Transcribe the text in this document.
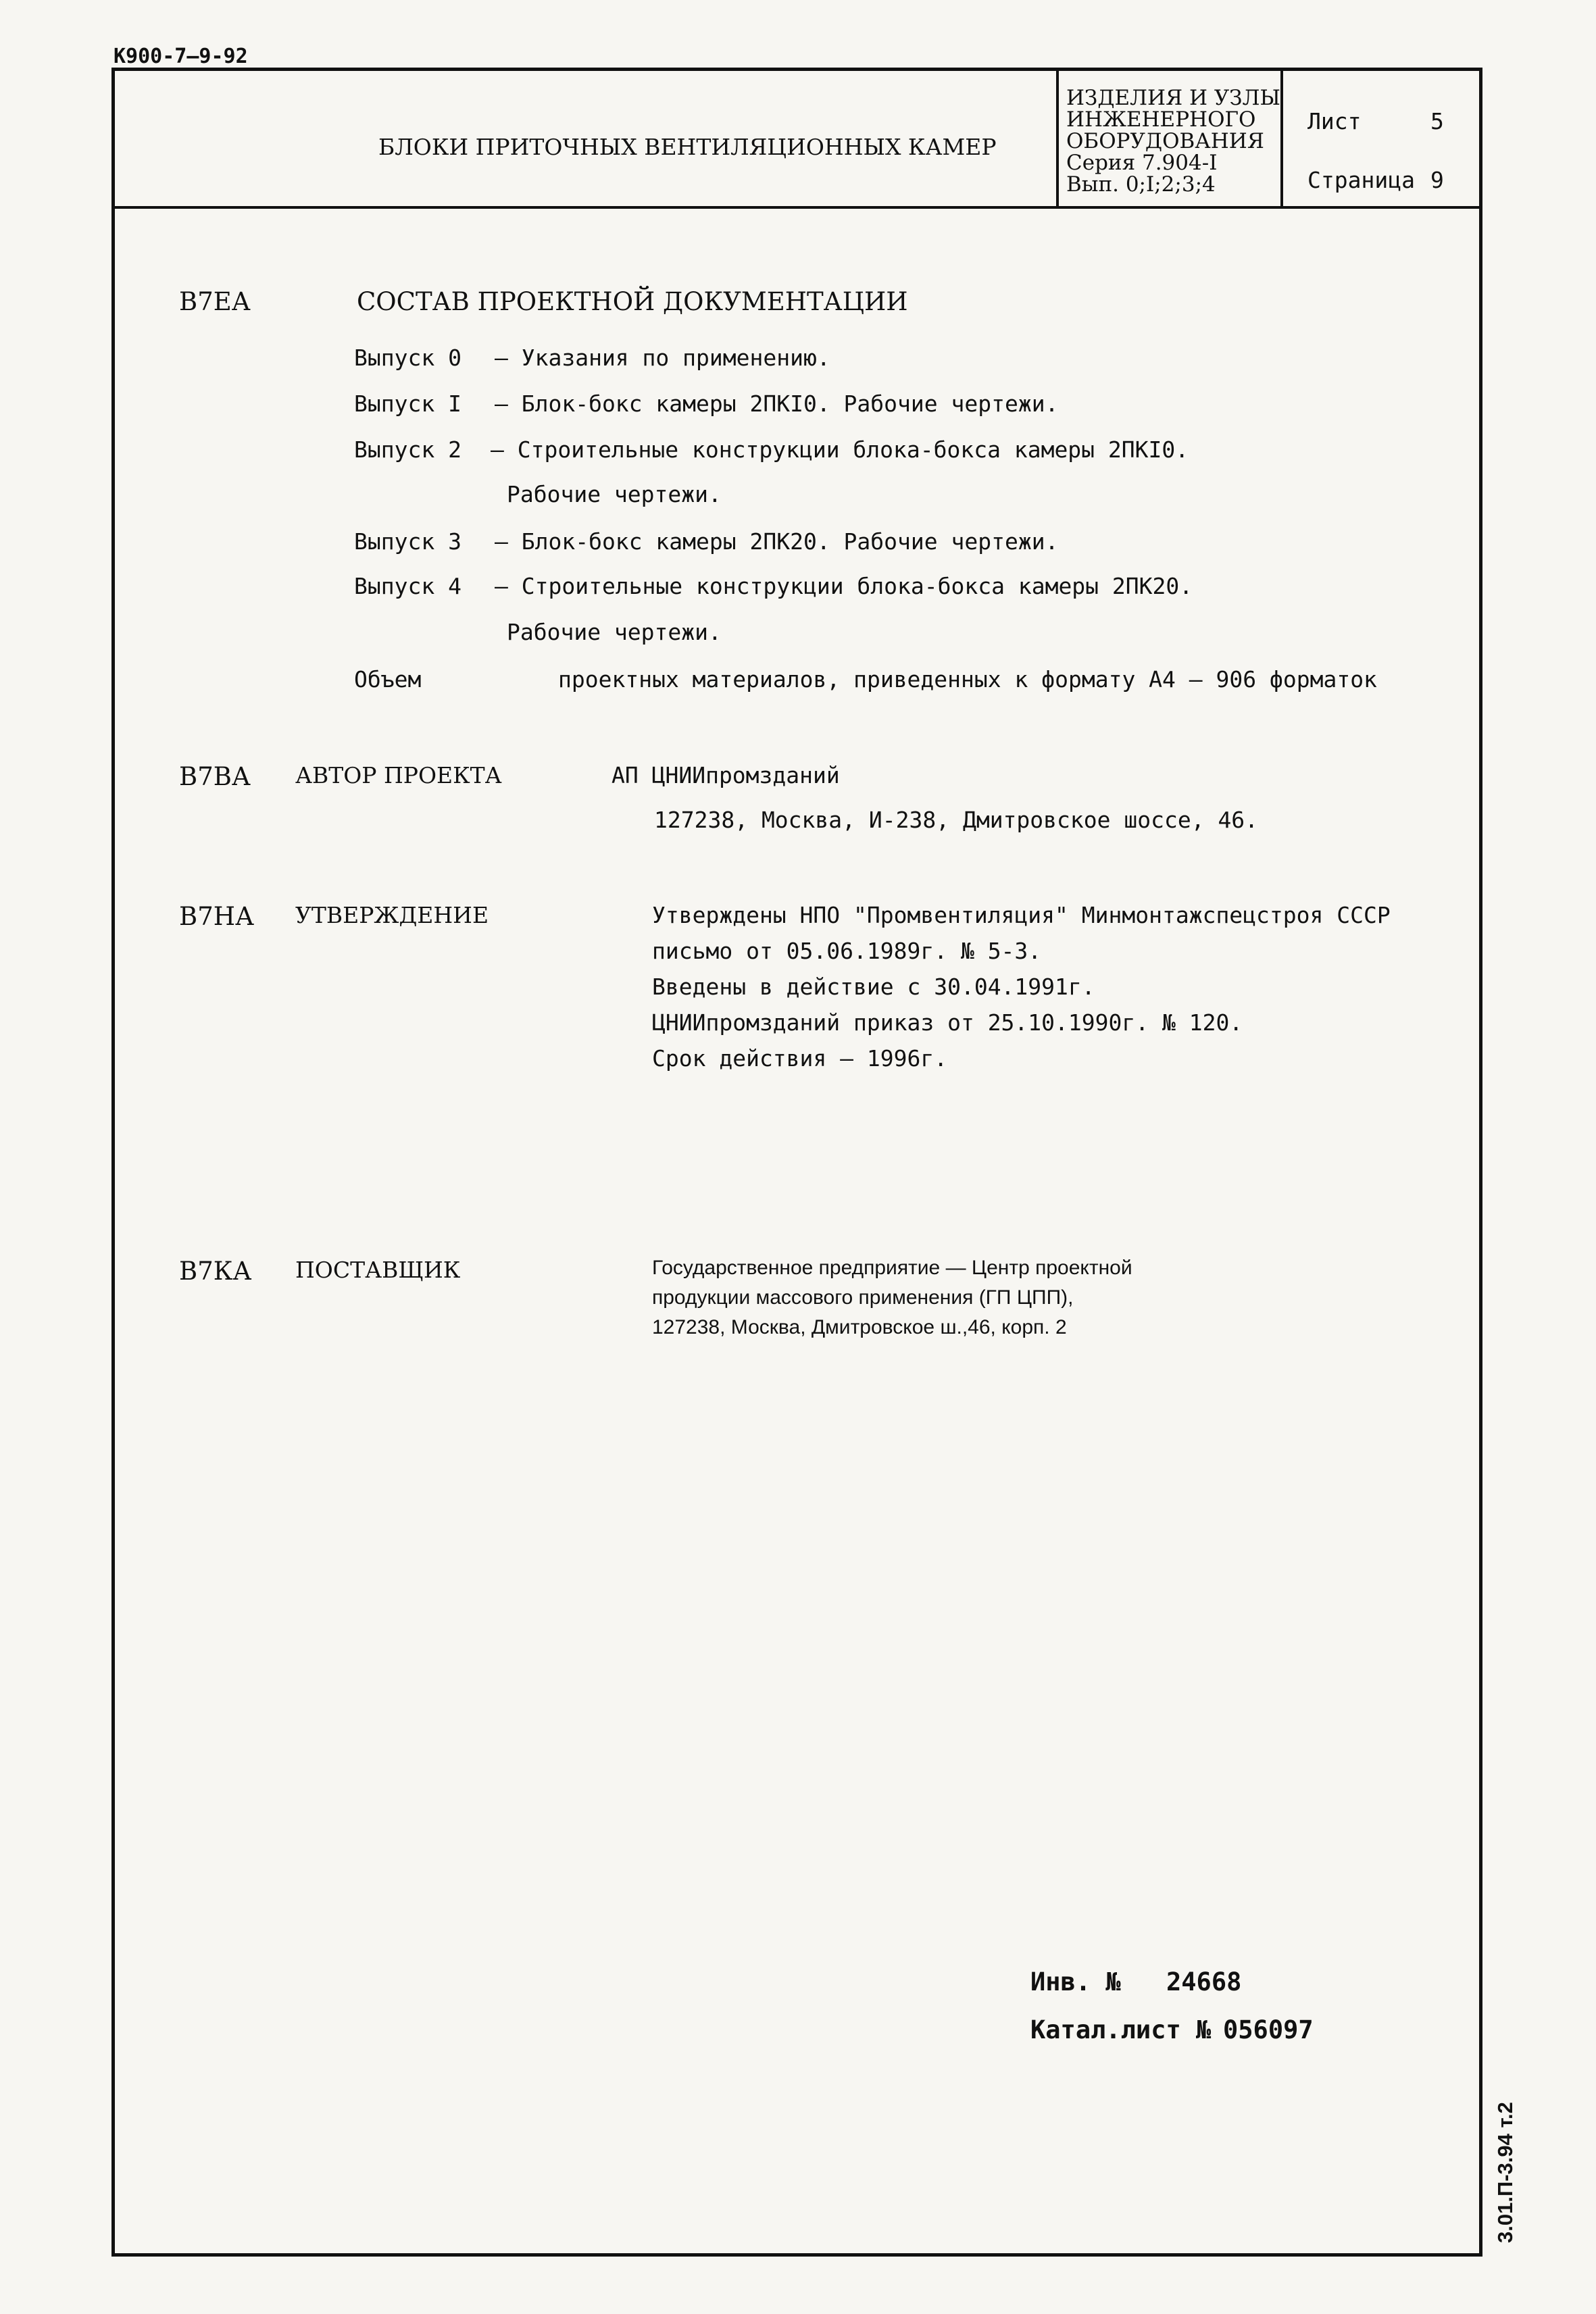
К900-7—9-92
БЛОКИ ПРИТОЧНЫХ ВЕНТИЛЯЦИОННЫХ КАМЕР
ИЗДЕЛИЯ И УЗЛЫ
ИНЖЕНЕРНОГО
ОБОРУДОВАНИЯ
Серия 7.904-I
Вып. 0;I;2;3;4
Лист	5
Страница 9
В7ЕА	СОСТАВ ПРОЕКТНОЙ ДОКУМЕНТАЦИИ
Выпуск 0 – Указания по применению.
Выпуск I – Блок-бокс камеры 2ПКI0. Рабочие чертежи.
Выпуск 2 – Строительные конструкции блока-бокса камеры 2ПКI0.
Рабочие чертежи.
Выпуск 3 – Блок-бокс камеры 2ПК20. Рабочие чертежи.
Выпуск 4 – Строительные конструкции блока-бокса камеры 2ПК20.
Рабочие чертежи.
Объем	проектных материалов, приведенных к формату А4 – 906 форматок
В7ВА АВТОР ПРОЕКТА	АП ЦНИИпромзданий
127238, Москва, И-238, Дмитровское шоссе, 46.
В7НА УТВЕРЖДЕНИЕ	Утверждены НПО "Промвентиляция" Минмонтажспецстроя СССР
письмо от 05.06.1989г. № 5-3.
Введены в действие с 30.04.1991г.
ЦНИИпромзданий приказ от 25.10.1990г. № 120.
Срок действия – 1996г.
В7КА ПОСТАВЩИК	Государственное предприятие — Центр проектной
продукции массового применения (ГП ЦПП),
127238, Москва, Дмитровское ш.,46, корп. 2
Инв. № 24668
Катал.лист № 056097
3.01.П-3.94 т.2
